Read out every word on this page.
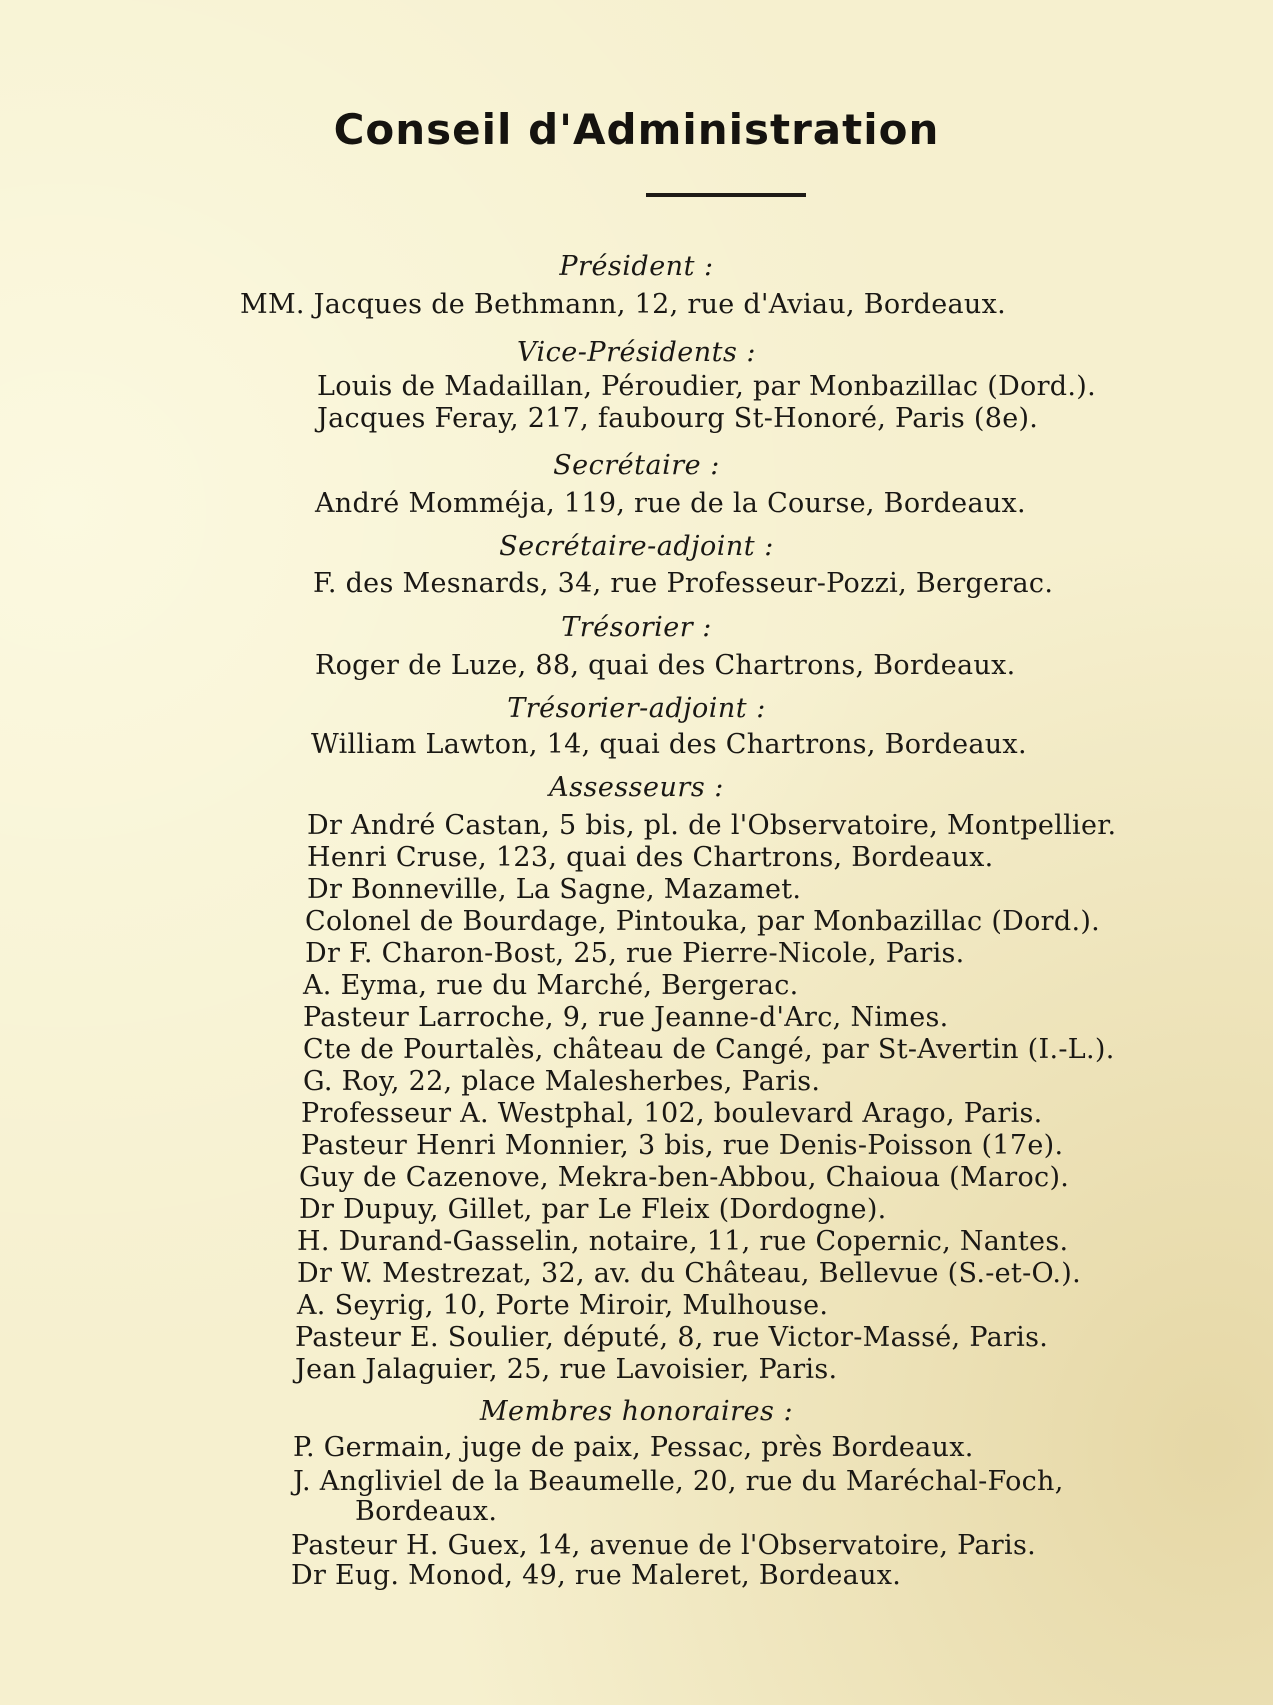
Conseil d'Administration
Président :
MM. Jacques de Bethmann, 12, rue d'Aviau, Bordeaux.
Vice-Présidents :
Louis de Madaillan, Péroudier, par Monbazillac (Dord.).
Jacques Feray, 217, faubourg St-Honoré, Paris (8e).
Secrétaire :
André Momméja, 119, rue de la Course, Bordeaux.
Secrétaire-adjoint :
F. des Mesnards, 34, rue Professeur-Pozzi, Bergerac.
Trésorier :
Roger de Luze, 88, quai des Chartrons, Bordeaux.
Trésorier-adjoint :
William Lawton, 14, quai des Chartrons, Bordeaux.
Assesseurs :
Dr André Castan, 5 bis, pl. de l'Observatoire, Montpellier.
Henri Cruse, 123, quai des Chartrons, Bordeaux.
Dr Bonneville, La Sagne, Mazamet.
Colonel de Bourdage, Pintouka, par Monbazillac (Dord.).
Dr F. Charon-Bost, 25, rue Pierre-Nicole, Paris.
A. Eyma, rue du Marché, Bergerac.
Pasteur Larroche, 9, rue Jeanne-d'Arc, Nimes.
Cte de Pourtalès, château de Cangé, par St-Avertin (I.-L.).
G. Roy, 22, place Malesherbes, Paris.
Professeur A. Westphal, 102, boulevard Arago, Paris.
Pasteur Henri Monnier, 3 bis, rue Denis-Poisson (17e).
Guy de Cazenove, Mekra-ben-Abbou, Chaioua (Maroc).
Dr Dupuy, Gillet, par Le Fleix (Dordogne).
H. Durand-Gasselin, notaire, 11, rue Copernic, Nantes.
Dr W. Mestrezat, 32, av. du Château, Bellevue (S.-et-O.).
A. Seyrig, 10, Porte Miroir, Mulhouse.
Pasteur E. Soulier, député, 8, rue Victor-Massé, Paris.
Jean Jalaguier, 25, rue Lavoisier, Paris.
Membres honoraires :
P. Germain, juge de paix, Pessac, près Bordeaux.
J. Angliviel de la Beaumelle, 20, rue du Maréchal-Foch,
Bordeaux.
Pasteur H. Guex, 14, avenue de l'Observatoire, Paris.
Dr Eug. Monod, 49, rue Maleret, Bordeaux.
